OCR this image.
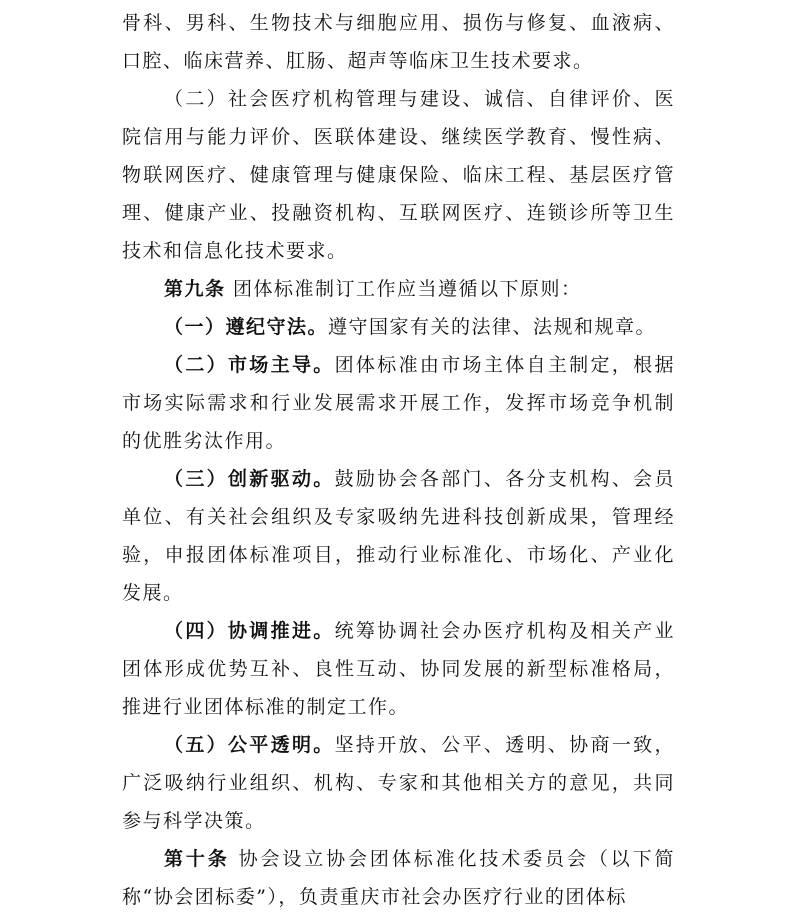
骨科、男科、生物技术与细胞应用、损伤与修复、血液病、口腔、临床营养、肛肠、超声等临床卫生技术要求。

（二）社会医疗机构管理与建设、诚信、自律评价、医院信用与能力评价、医联体建设、继续医学教育、慢性病、物联网医疗、健康管理与健康保险、临床工程、基层医疗管理、健康产业、投融资机构、互联网医疗、连锁诊所等卫生技术和信息化技术要求。

第九条 团体标准制订工作应当遵循以下原则：

（一）遵纪守法。遵守国家有关的法律、法规和规章。

（二）市场主导。团体标准由市场主体自主制定，根据市场实际需求和行业发展需求开展工作，发挥市场竞争机制的优胜劣汰作用。

（三）创新驱动。鼓励协会各部门、各分支机构、会员单位、有关社会组织及专家吸纳先进科技创新成果，管理经验，申报团体标准项目，推动行业标准化、市场化、产业化 发展。

（四）协调推进。统筹协调社会办医疗机构及相关产业团体形成优势互补、良性互动、协同发展的新型标准格局，推进行业团体标准的制定工作。

（五）公平透明。坚持开放、公平、透明、协商一致，广泛吸纳行业组织、机构、专家和其他相关方的意见，共同参与科学决策。

第十条 协会设立协会团体标准化技术委员会（以下简称“协会团标委”），负责重庆市社会办医疗行业的团体标
